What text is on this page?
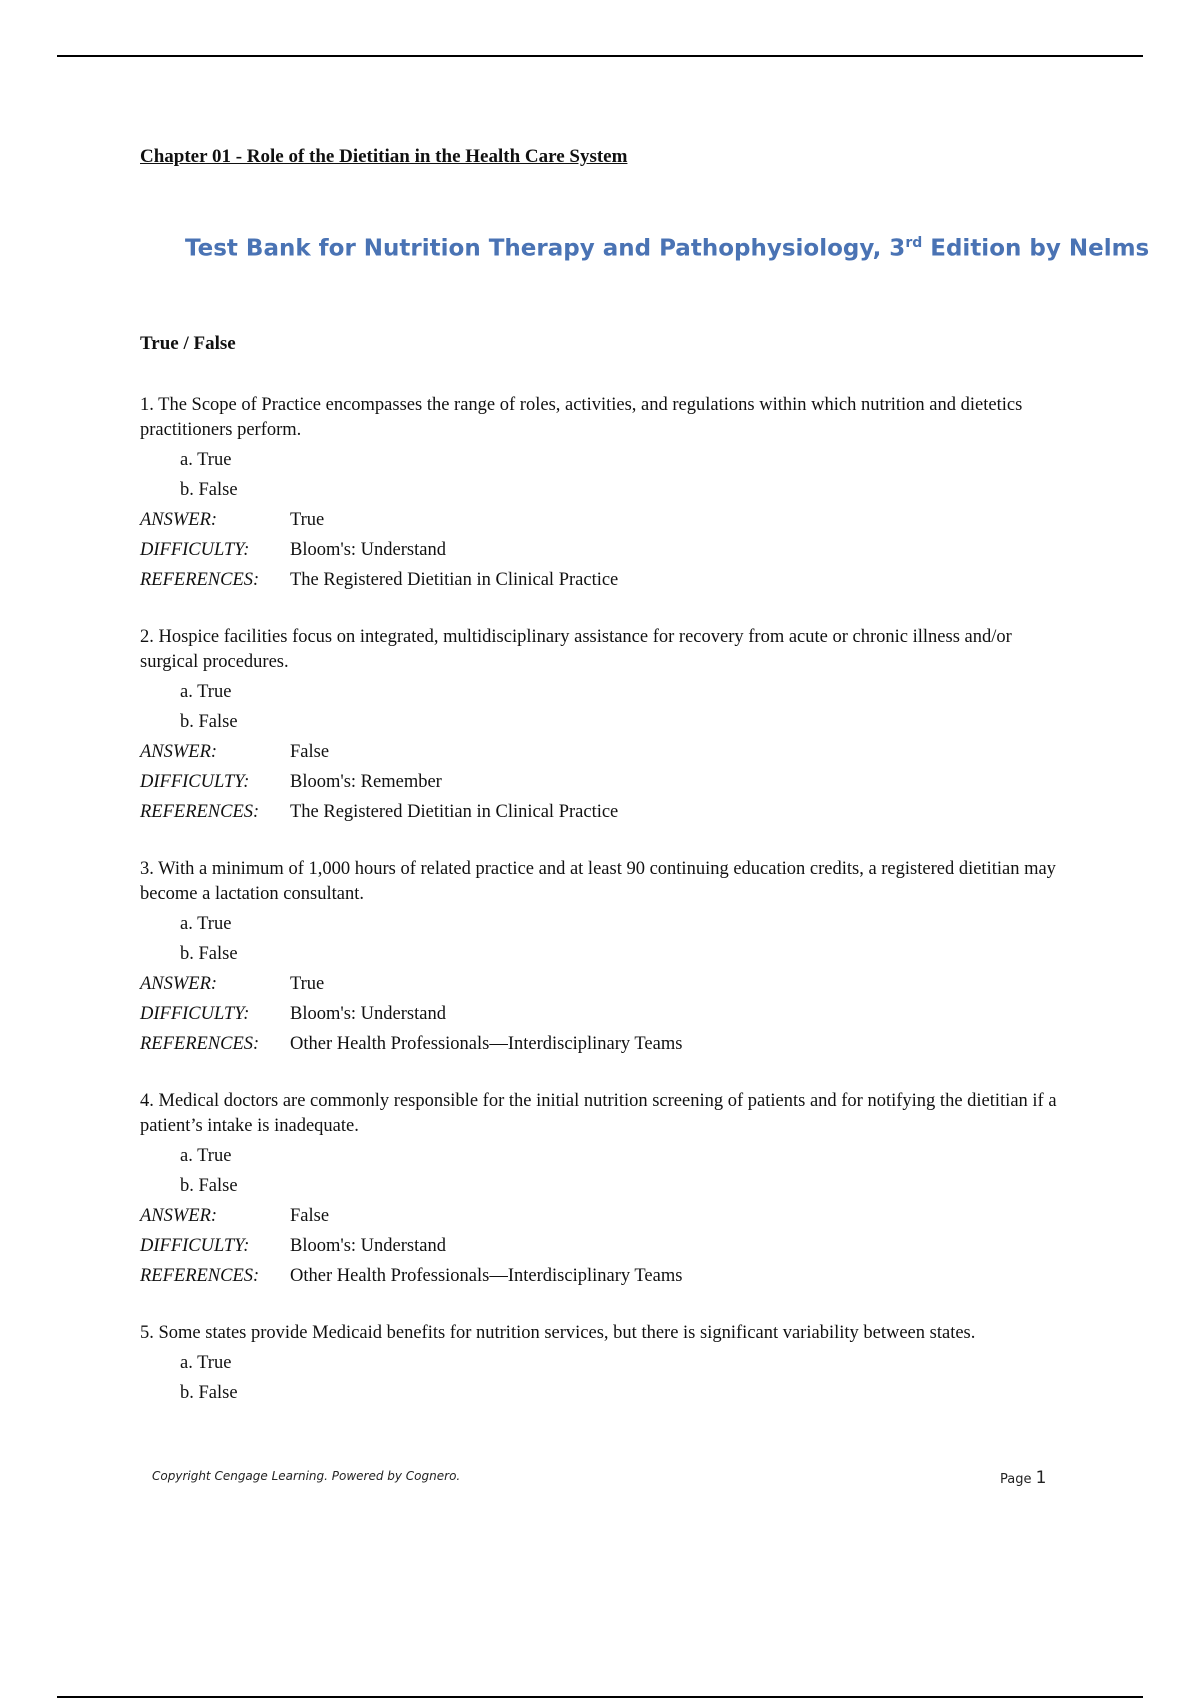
Chapter 01 - Role of the Dietitian in the Health Care System
Test Bank for Nutrition Therapy and Pathophysiology, 3rd Edition by Nelms
True / False

1. The Scope of Practice encompasses the range of roles, activities, and regulations within which nutrition and dietetics practitioners perform.

a. True
b. False
ANSWER:	True
DIFFICULTY:	Bloom's: Understand
REFERENCES:	The Registered Dietitian in Clinical Practice

2. Hospice facilities focus on integrated, multidisciplinary assistance for recovery from acute or chronic illness and/or surgical procedures.

a. True
b. False
ANSWER:	False
DIFFICULTY:	Bloom's: Remember
REFERENCES:	The Registered Dietitian in Clinical Practice

3. With a minimum of 1,000 hours of related practice and at least 90 continuing education credits, a registered dietitian may become a lactation consultant.

a. True
b. False
ANSWER:	True
DIFFICULTY:	Bloom's: Understand
REFERENCES:	Other Health Professionals—Interdisciplinary Teams

4. Medical doctors are commonly responsible for the initial nutrition screening of patients and for notifying the dietitian if a patient’s intake is inadequate.

a. True
b. False
ANSWER:	False
DIFFICULTY:	Bloom's: Understand
REFERENCES:	Other Health Professionals—Interdisciplinary Teams

5. Some states provide Medicaid benefits for nutrition services, but there is significant variability between states.

a. True
b. False
Copyright Cengage Learning. Powered by Cognero.	Page 1
